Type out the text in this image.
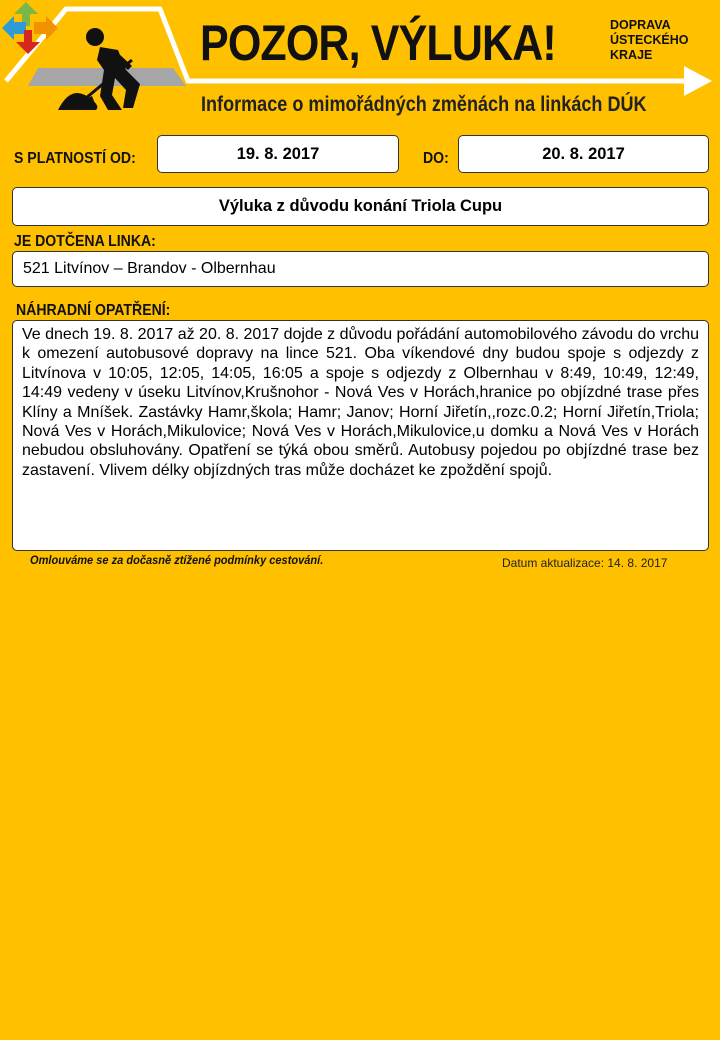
POZOR, VÝLUKA!
Informace o mimořádných změnách na linkách DÚK
DOPRAVA
ÚSTECKÉHO
KRAJE
S PLATNOSTÍ OD:	19. 8. 2017	DO:	20. 8. 2017
Výluka z důvodu konání Triola Cupu
JE DOTČENA LINKA:
521 Litvínov – Brandov - Olbernhau
NÁHRADNÍ OPATŘENÍ:
Ve dnech 19. 8. 2017 až 20. 8. 2017 dojde z důvodu pořádání automobilového závodu do vrchu k omezení autobusové dopravy na lince 521. Oba víkendové dny budou spoje s odjezdy z Litvínova v 10:05, 12:05, 14:05, 16:05 a spoje s odjezdy z Olbernhau v 8:49, 10:49, 12:49, 14:49 vedeny v úseku Litvínov,Krušnohor - Nová Ves v Horách,hranice po objízdné trase přes Klíny a Mníšek. Zastávky Hamr,škola; Hamr; Janov; Horní Jiřetín,,rozc.0.2; Horní Jiřetín,Triola; Nová Ves v Horách,Mikulovice; Nová Ves v Horách,Mikulovice,u domku a Nová Ves v Horách nebudou obsluhovány. Opatření se týká obou směrů. Autobusy pojedou po objízdné trase bez zastavení. Vlivem délky objízdných tras může docházet ke zpoždění spojů.
Omlouváme se za dočasně ztížené podmínky cestování.	Datum aktualizace: 14. 8. 2017
